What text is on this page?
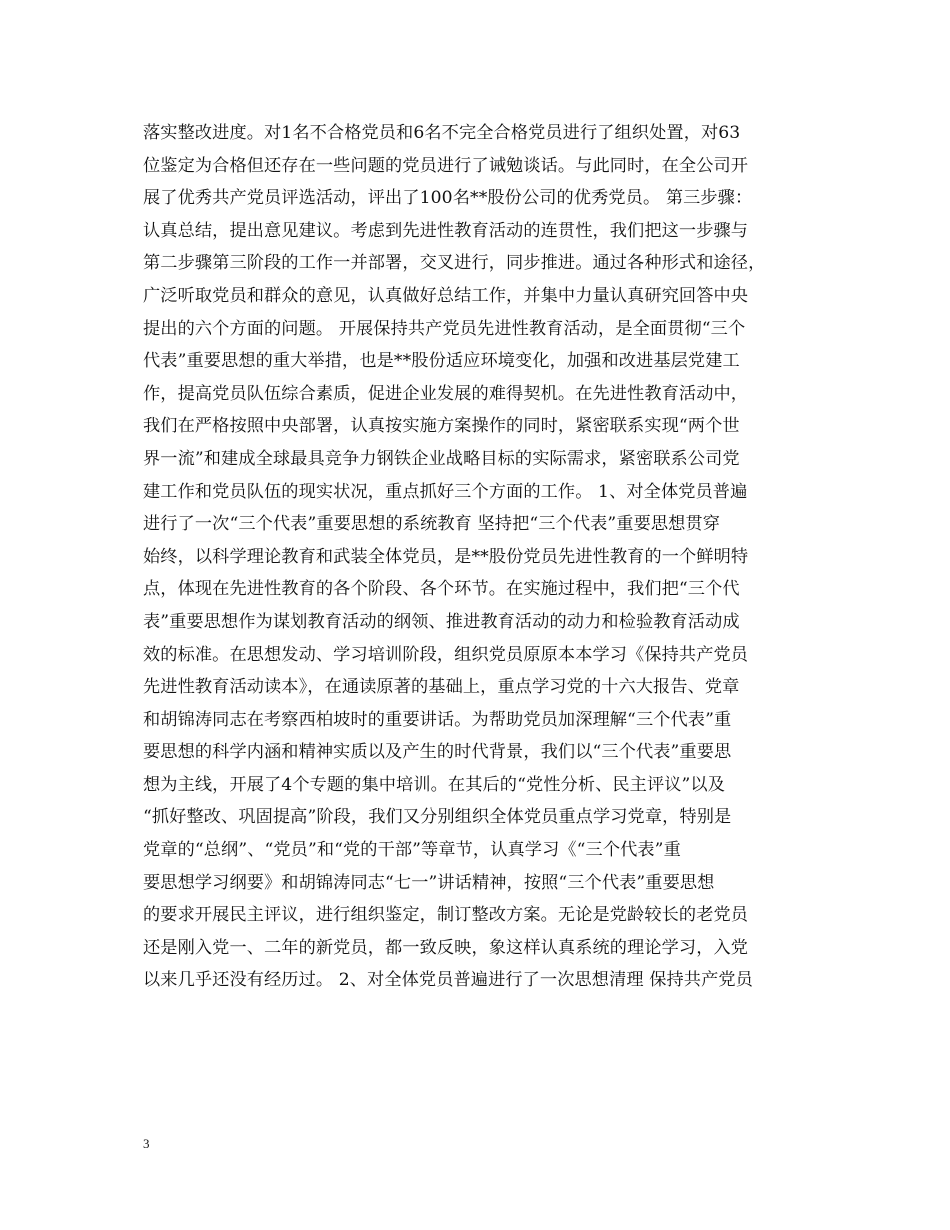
落实整改进度。对1名不合格党员和6名不完全合格党员进行了组织处置，对63
位鉴定为合格但还存在一些问题的党员进行了诫勉谈话。与此同时，在全公司开
展了优秀共产党员评选活动，评出了100名**股份公司的优秀党员。 第三步骤：
认真总结，提出意见建议。考虑到先进性教育活动的连贯性，我们把这一步骤与
第二步骤第三阶段的工作一并部署，交叉进行，同步推进。通过各种形式和途径，
广泛听取党员和群众的意见，认真做好总结工作，并集中力量认真研究回答中央
提出的六个方面的问题。 开展保持共产党员先进性教育活动，是全面贯彻“三个
代表”重要思想的重大举措，也是**股份适应环境变化，加强和改进基层党建工
作，提高党员队伍综合素质，促进企业发展的难得契机。在先进性教育活动中，
我们在严格按照中央部署，认真按实施方案操作的同时，紧密联系实现“两个世
界一流”和建成全球最具竞争力钢铁企业战略目标的实际需求，紧密联系公司党
建工作和党员队伍的现实状况，重点抓好三个方面的工作。 1、对全体党员普遍
进行了一次“三个代表”重要思想的系统教育 坚持把“三个代表”重要思想贯穿
始终，以科学理论教育和武装全体党员，是**股份党员先进性教育的一个鲜明特
点，体现在先进性教育的各个阶段、各个环节。在实施过程中，我们把“三个代
表”重要思想作为谋划教育活动的纲领、推进教育活动的动力和检验教育活动成
效的标准。在思想发动、学习培训阶段，组织党员原原本本学习《保持共产党员
先进性教育活动读本》，在通读原著的基础上，重点学习党的十六大报告、党章
和胡锦涛同志在考察西柏坡时的重要讲话。为帮助党员加深理解“三个代表”重
要思想的科学内涵和精神实质以及产生的时代背景，我们以“三个代表”重要思
想为主线，开展了4个专题的集中培训。在其后的“党性分析、民主评议”以及
“抓好整改、巩固提高”阶段，我们又分别组织全体党员重点学习党章，特别是
党章的“总纲”、“党员”和“党的干部”等章节，认真学习《“三个代表”重
要思想学习纲要》和胡锦涛同志“七一”讲话精神，按照“三个代表”重要思想
的要求开展民主评议，进行组织鉴定，制订整改方案。无论是党龄较长的老党员
还是刚入党一、二年的新党员，都一致反映，象这样认真系统的理论学习，入党
以来几乎还没有经历过。 2、对全体党员普遍进行了一次思想清理 保持共产党员
3
